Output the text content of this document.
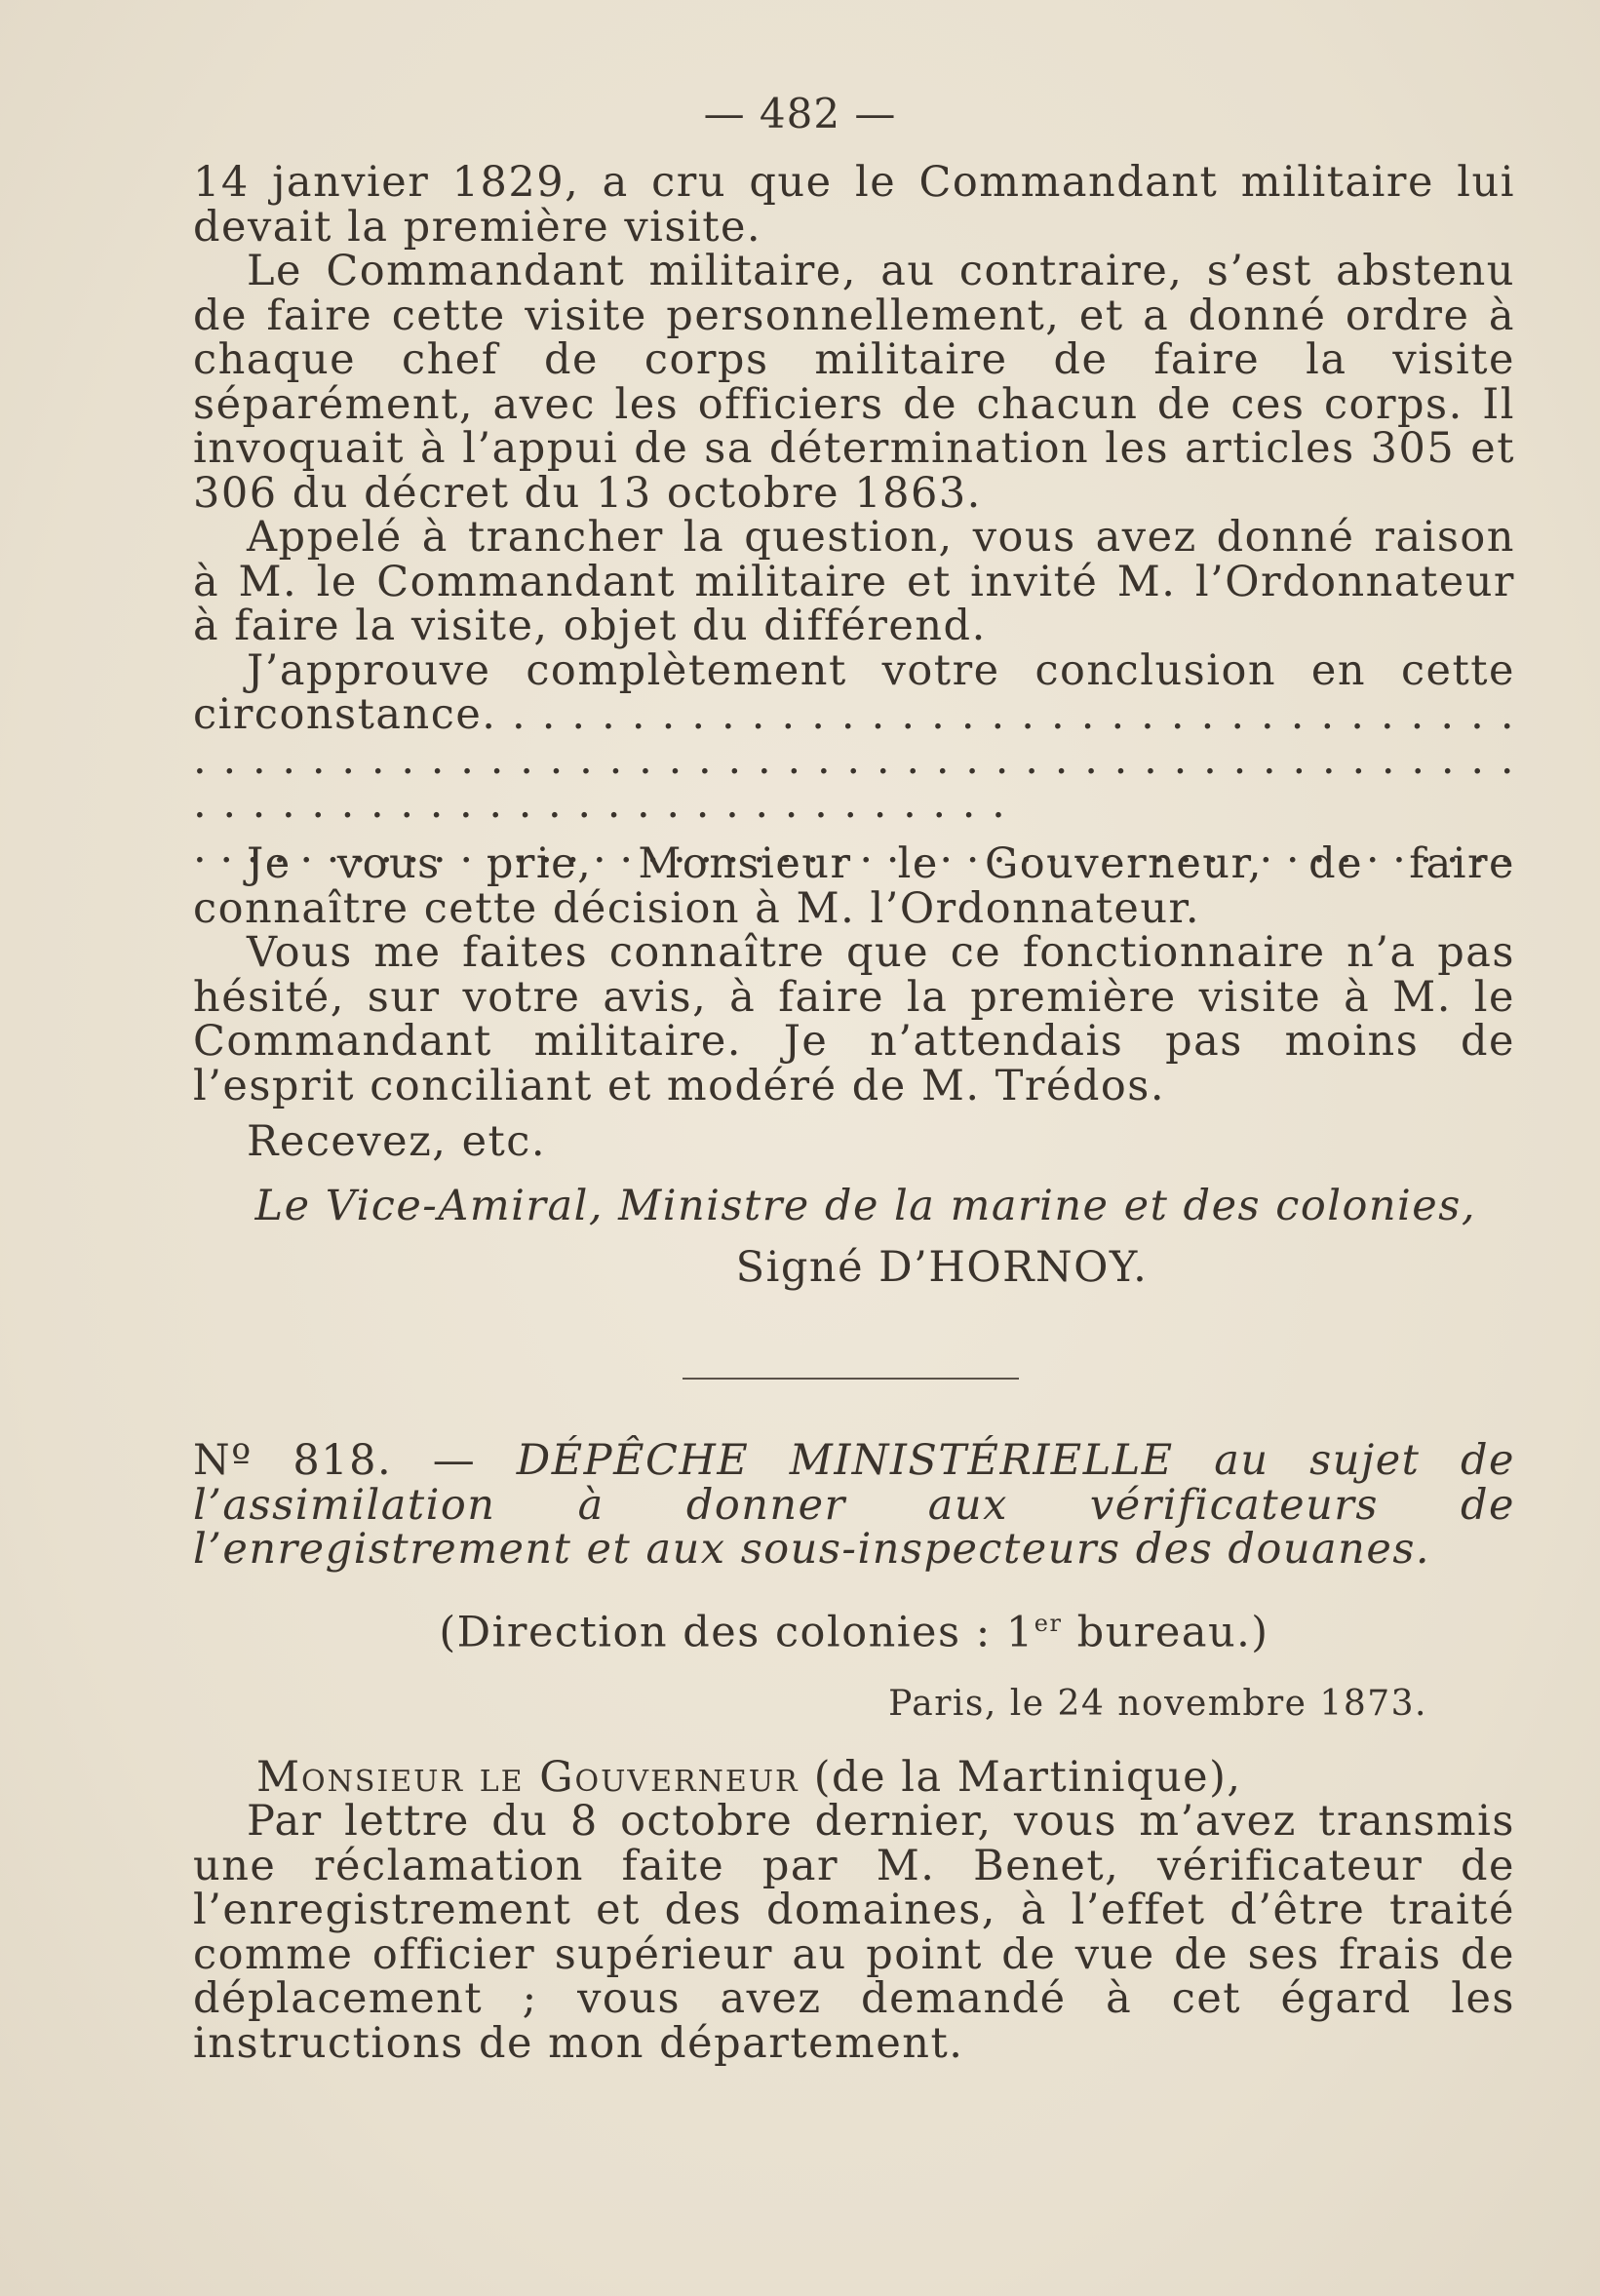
— 482 —

14 janvier 1829, a cru que le Commandant militaire lui devait la première visite.

Le Commandant militaire, au contraire, s’est abstenu de faire cette visite personnellement, et a donné ordre à chaque chef de corps militaire de faire la visite séparément, avec les officiers de chacun de ces corps. Il invoquait à l’appui de sa détermination les articles 305 et 306 du décret du 13 octobre 1863.

Appelé à trancher la question, vous avez donné raison à M. le Commandant militaire et invité M. l’Ordonnateur à faire la visite, objet du différend.

J’approuve complètement votre conclusion en cette circonstance. . . . . . . . . . . . . . . . . . . . . . . . . . . . . . . . . . . . . . . . . . . . . . . . . . . . . . . . . . . . . . . . . . . . . . . . . . . . . . . . . . . . . . . . . . . . . . . . . . . . . . . . . . . .

. . .

Je vous prie, Monsieur le Gouverneur, de faire connaître cette décision à M. l’Ordonnateur.

Vous me faites connaître que ce fonctionnaire n’a pas hésité, sur votre avis, à faire la première visite à M. le Commandant militaire. Je n’attendais pas moins de l’esprit conciliant et modéré de M. Trédos.

Recevez, etc.

Le Vice-Amiral, Ministre de la marine et des colonies,

Signé D’HORNOY.

Nº 818. — DÉPÊCHE MINISTÉRIELLE au sujet de l’assimilation à donner aux vérificateurs de l’enregistrement et aux sous-inspecteurs des douanes.

(Direction des colonies : 1er bureau.)

Paris, le 24 novembre 1873.

Monsieur le Gouverneur (de la Martinique),

Par lettre du 8 octobre dernier, vous m’avez transmis une réclamation faite par M. Benet, vérificateur de l’enregistrement et des domaines, à l’effet d’être traité comme officier supérieur au point de vue de ses frais de déplacement ; vous avez demandé à cet égard les instructions de mon département.
